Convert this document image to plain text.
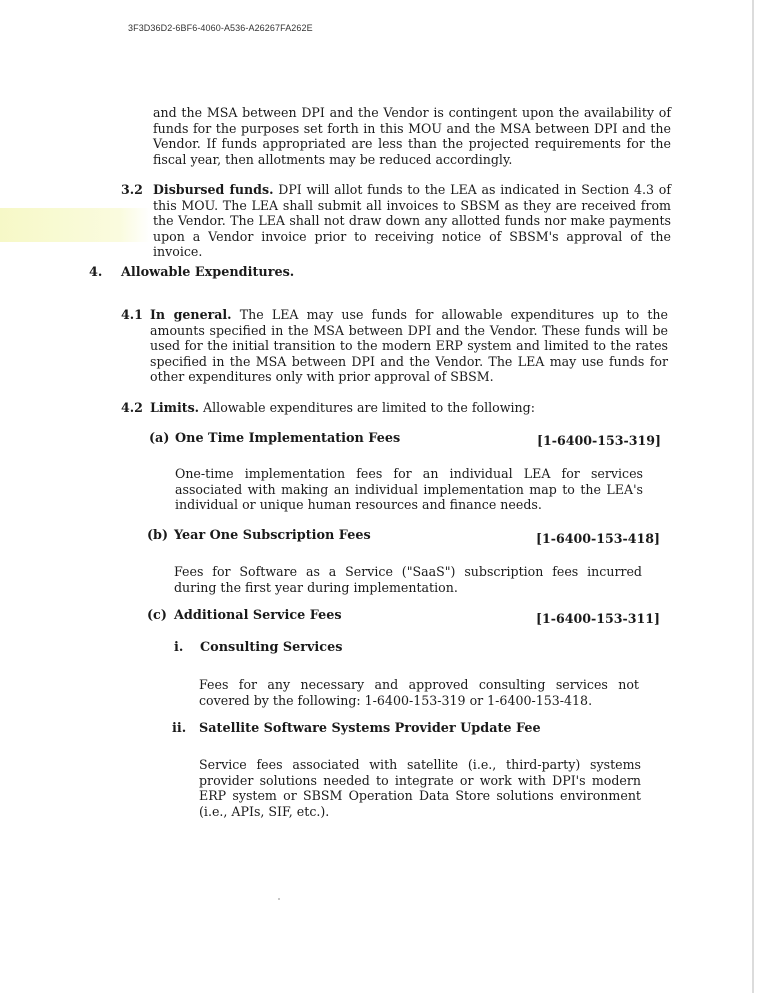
3F3D36D2-6BF6-4060-A536-A26267FA262E

and the MSA between DPI and the Vendor is contingent upon the availability of funds for the purposes set forth in this MOU and the MSA between DPI and the Vendor. If funds appropriated are less than the projected requirements for the fiscal year, then allotments may be reduced accordingly.

3.2 Disbursed funds. DPI will allot funds to the LEA as indicated in Section 4.3 of this MOU. The LEA shall submit all invoices to SBSM as they are received from the Vendor. The LEA shall not draw down any allotted funds nor make payments upon a Vendor invoice prior to receiving notice of SBSM's approval of the invoice.

4. Allowable Expenditures.
4.1 In general. The LEA may use funds for allowable expenditures up to the amounts specified in the MSA between DPI and the Vendor. These funds will be used for the initial transition to the modern ERP system and limited to the rates specified in the MSA between DPI and the Vendor. The LEA may use funds for other expenditures only with prior approval of SBSM.

4.2 Limits. Allowable expenditures are limited to the following:

(a) One Time Implementation Fees	[1-6400-153-319]

One-time implementation fees for an individual LEA for services associated with making an individual implementation map to the LEA's individual or unique human resources and finance needs.

(b) Year One Subscription Fees	[1-6400-153-418]

Fees for Software as a Service ("SaaS") subscription fees incurred during the first year during implementation.

(c) Additional Service Fees	[1-6400-153-311]
i. Consulting Services

Fees for any necessary and approved consulting services not covered by the following: 1-6400-153-319 or 1-6400-153-418.

ii. Satellite Software Systems Provider Update Fee

Service fees associated with satellite (i.e., third-party) systems provider solutions needed to integrate or work with DPI's modern ERP system or SBSM Operation Data Store solutions environment (i.e., APIs, SIF, etc.).
